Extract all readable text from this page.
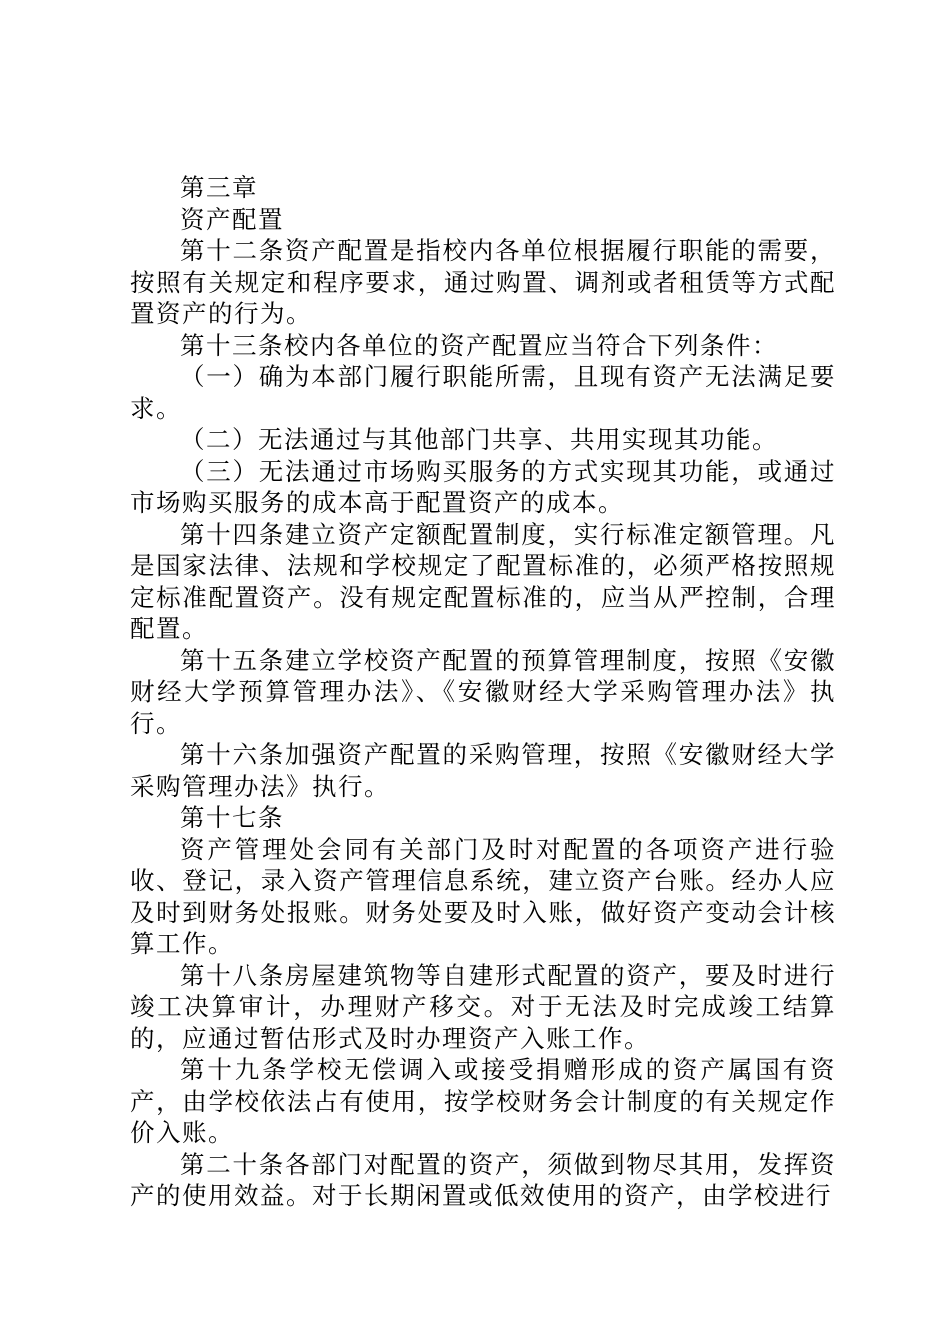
第三章

资产配置

第十二条资产配置是指校内各单位根据履行职能的需要，按照有关规定和程序要求，通过购置、调剂或者租赁等方式配置资产的行为。

第十三条校内各单位的资产配置应当符合下列条件：

（一）确为本部门履行职能所需，且现有资产无法满足要求。

（二）无法通过与其他部门共享、共用实现其功能。

（三）无法通过市场购买服务的方式实现其功能，或通过市场购买服务的成本高于配置资产的成本。

第十四条建立资产定额配置制度，实行标准定额管理。凡是国家法律、法规和学校规定了配置标准的，必须严格按照规定标准配置资产。没有规定配置标准的，应当从严控制，合理配置。

第十五条建立学校资产配置的预算管理制度，按照《安徽财经大学预算管理办法》、《安徽财经大学采购管理办法》执行。

第十六条加强资产配置的采购管理，按照《安徽财经大学采购管理办法》执行。

第十七条

资产管理处会同有关部门及时对配置的各项资产进行验收、登记，录入资产管理信息系统，建立资产台账。经办人应及时到财务处报账。财务处要及时入账，做好资产变动会计核算工作。

第十八条房屋建筑物等自建形式配置的资产，要及时进行竣工决算审计，办理财产移交。对于无法及时完成竣工结算的，应通过暂估形式及时办理资产入账工作。

第十九条学校无偿调入或接受捐赠形成的资产属国有资产，由学校依法占有使用，按学校财务会计制度的有关规定作价入账。

第二十条各部门对配置的资产，须做到物尽其用，发挥资产的使用效益。对于长期闲置或低效使用的资产，由学校进行
